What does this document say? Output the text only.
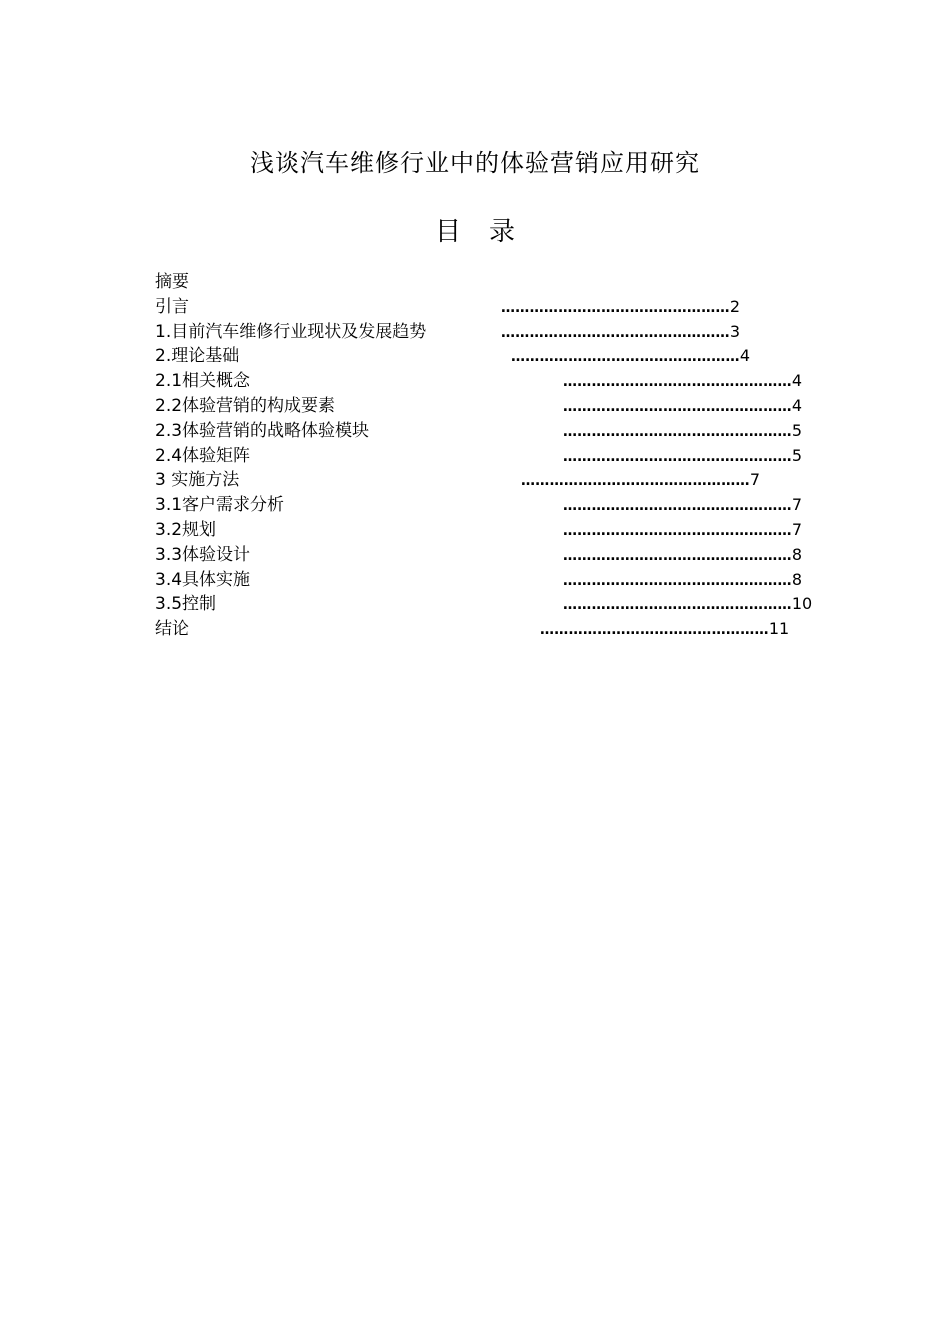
浅谈汽车维修行业中的体验营销应用研究
目录
摘要
引言	…………………………………………2
1.目前汽车维修行业现状及发展趋势	…………………………………………3
2.理论基础	…………………………………………4
2.1相关概念	…………………………………………4
2.2体验营销的构成要素	…………………………………………4
2.3体验营销的战略体验模块	…………………………………………5
2.4体验矩阵	…………………………………………5
3 实施方法	…………………………………………7
3.1客户需求分析	…………………………………………7
3.2规划	…………………………………………7
3.3体验设计	…………………………………………8
3.4具体实施	…………………………………………8
3.5控制	…………………………………………10
结论	…………………………………………11
